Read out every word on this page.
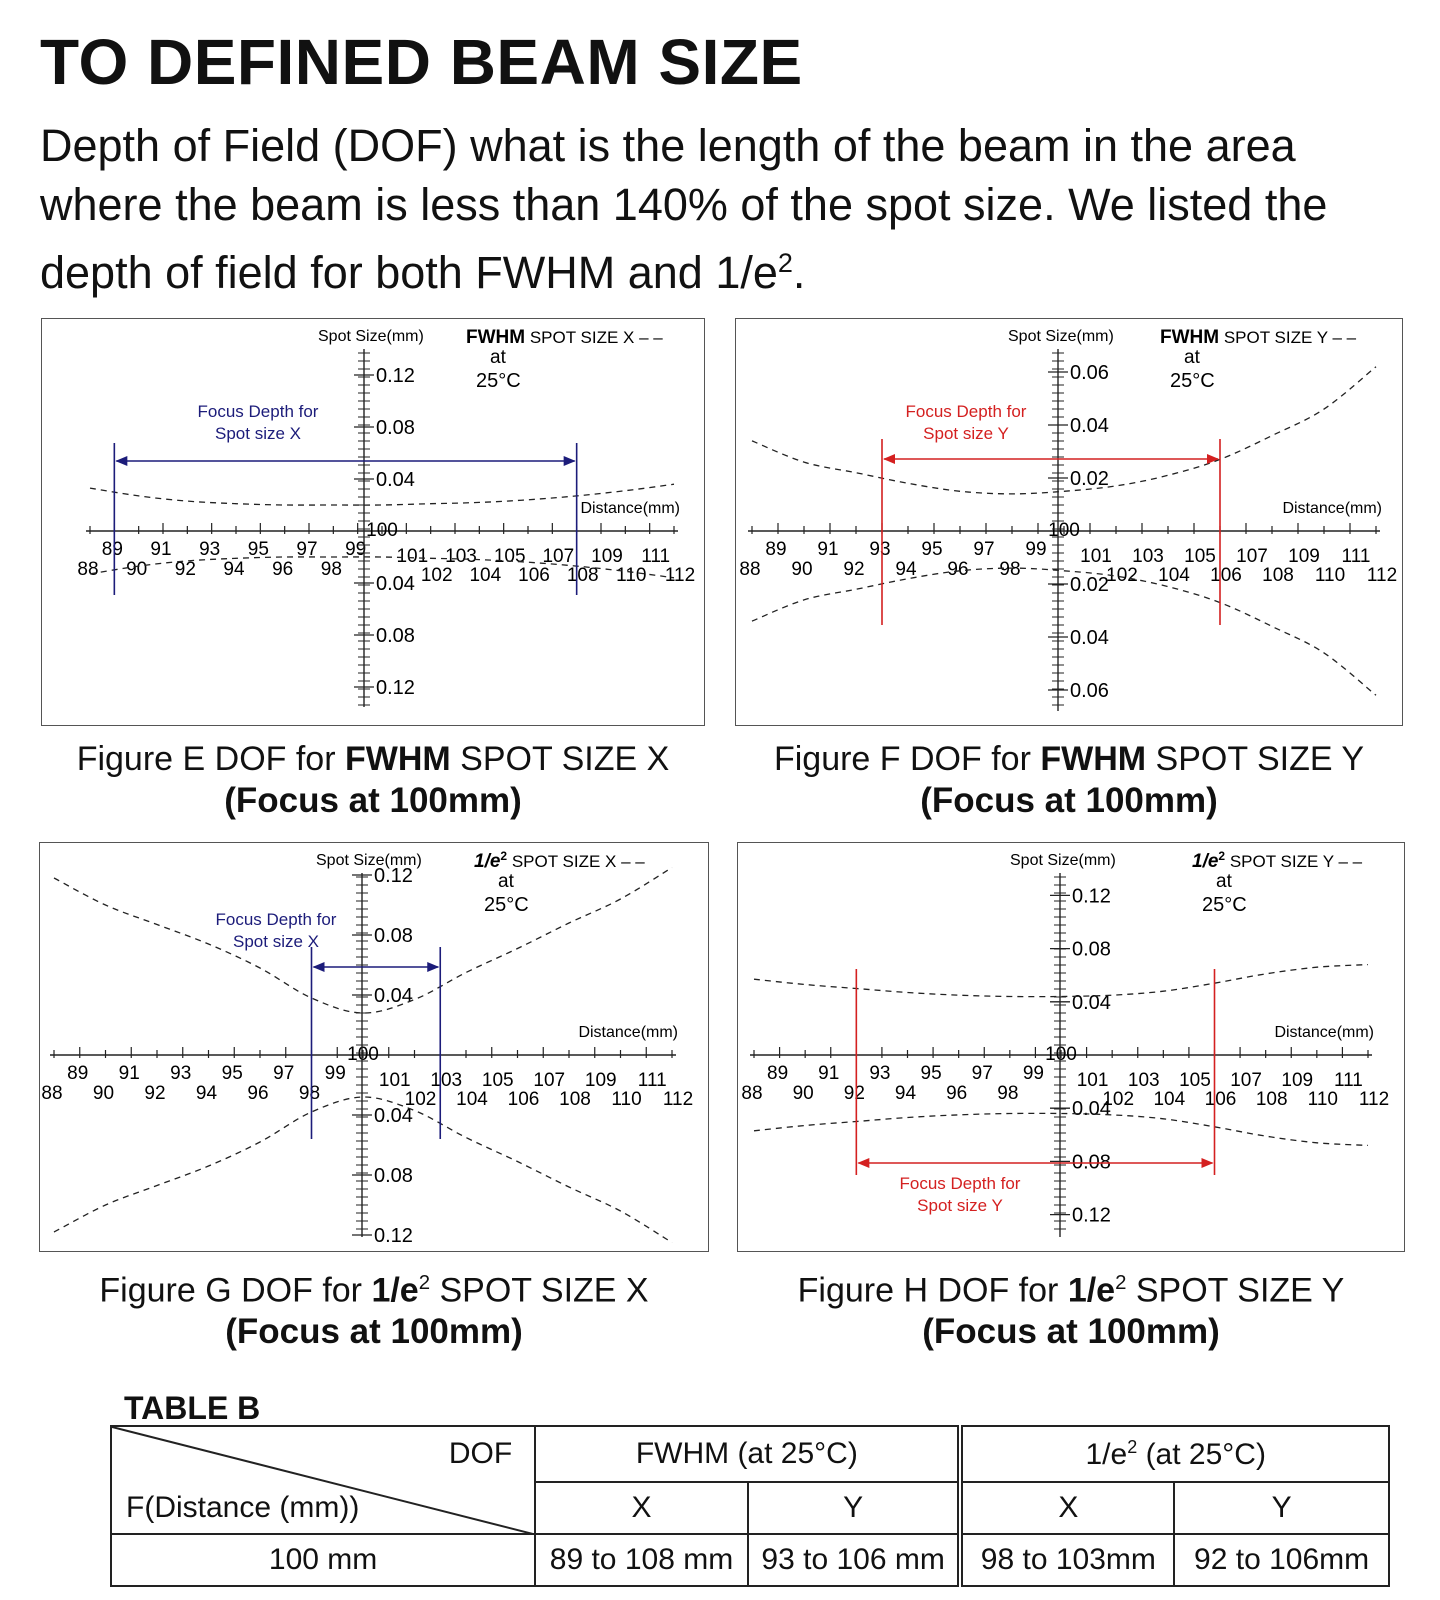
TO DEFINED BEAM SIZE
Depth of Field (DOF) what is the length of the beam in the area where the beam is less than 140% of the spot size. We listed the depth of field for both FWHM and $1/e^2$.
88
89
90
91
92
93
94
95
96
97
98
99
100
101
102
103
104
105
106
107
108
109
110
111
112
Distance(mm)
0.12
0.08
0.04
0.04
0.08
0.12
Spot Size(mm) FWHM SPOT SIZE X – –
at
25°C
Focus Depth for
Spot size X
Figure E DOF for FWHM SPOT SIZE X
(Focus at 100mm)
88
89
90
91
92
93
94
95
96
97
98
99
100
101
102
103
104
105
106
107
108
109
110
111
112
Distance(mm)
0.06
0.04
0.02
0.02
0.04
0.06
Spot Size(mm) FWHM SPOT SIZE Y – –
at
25°C
Focus Depth for
Spot size Y
Figure F DOF for FWHM SPOT SIZE Y
(Focus at 100mm)
88
89
90
91
92
93
94
95
96
97
98
99
100
101
102
103
104
105
106
107
108
109
110
111
112
Distance(mm)
0.12
0.08
0.04
0.04
0.08
0.12
Spot Size(mm)	$1/e^2$ SPOT SIZE X – –
at
25°C
Focus Depth for
Spot size X
Figure G DOF for $1/e^2$ SPOT SIZE X
(Focus at 100mm)
88
89
90
91
92
93
94
95
96
97
98
99
100
101
102
103
104
105
106
107
108
109
110
111
112
Distance(mm)
0.12
0.08
0.04
0.04
0.08
0.12
Spot Size(mm)	$1/e^2$ SPOT SIZE Y – –
at
25°C
Focus Depth for
Spot size Y
Figure H DOF for $1/e^2$ SPOT SIZE Y
(Focus at 100mm)
TABLE B
DOF
F(Distance (mm))	FWHM (at 25°C)		$1/e^2$ (at 25°C)	
	X	Y	X	Y
100 mm	89 to 108 mm	93 to 106 mm	98 to 103mm	92 to 106mm
